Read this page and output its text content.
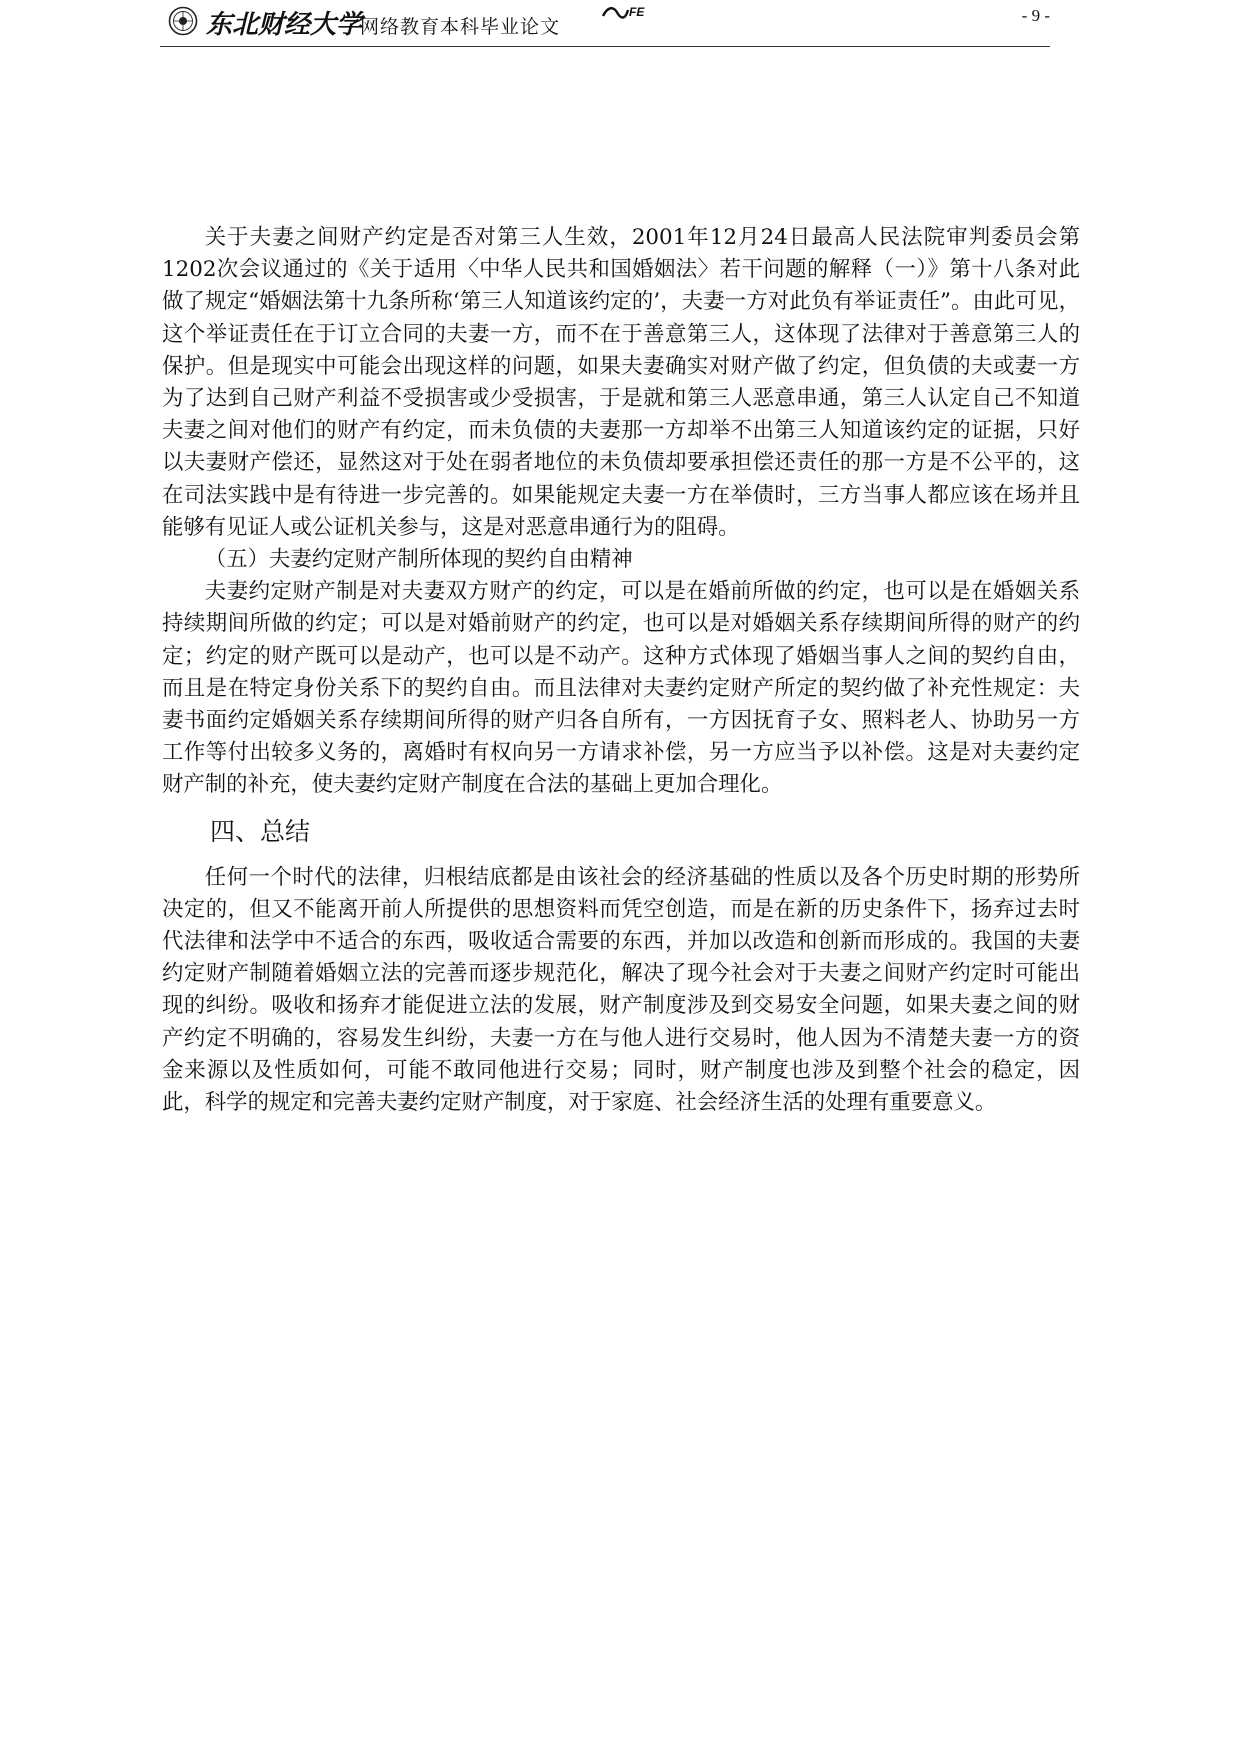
东北财经大学
网络教育本科毕业论文
FE	- 9 -

关于夫妻之间财产约定是否对第三人生效，2001年12月24日最高人民法院审判委员会第1202次会议通过的《关于适用〈中华人民共和国婚姻法〉若干问题的解释（一）》第十八条对此做了规定“婚姻法第十九条所称‘第三人知道该约定的’，夫妻一方对此负有举证责任”。由此可见，这个举证责任在于订立合同的夫妻一方，而不在于善意第三人，这体现了法律对于善意第三人的保护。但是现实中可能会出现这样的问题，如果夫妻确实对财产做了约定，但负债的夫或妻一方为了达到自己财产利益不受损害或少受损害，于是就和第三人恶意串通，第三人认定自己不知道夫妻之间对他们的财产有约定，而未负债的夫妻那一方却举不出第三人知道该约定的证据，只好以夫妻财产偿还，显然这对于处在弱者地位的未负债却要承担偿还责任的那一方是不公平的，这在司法实践中是有待进一步完善的。如果能规定夫妻一方在举债时，三方当事人都应该在场并且能够有见证人或公证机关参与，这是对恶意串通行为的阻碍。

（五）夫妻约定财产制所体现的契约自由精神

夫妻约定财产制是对夫妻双方财产的约定，可以是在婚前所做的约定，也可以是在婚姻关系持续期间所做的约定；可以是对婚前财产的约定，也可以是对婚姻关系存续期间所得的财产的约定；约定的财产既可以是动产，也可以是不动产。这种方式体现了婚姻当事人之间的契约自由，而且是在特定身份关系下的契约自由。而且法律对夫妻约定财产所定的契约做了补充性规定：夫妻书面约定婚姻关系存续期间所得的财产归各自所有，一方因抚育子女、照料老人、协助另一方工作等付出较多义务的，离婚时有权向另一方请求补偿，另一方应当予以补偿。这是对夫妻约定财产制的补充，使夫妻约定财产制度在合法的基础上更加合理化。

四、总结

任何一个时代的法律，归根结底都是由该社会的经济基础的性质以及各个历史时期的形势所决定的，但又不能离开前人所提供的思想资料而凭空创造，而是在新的历史条件下，扬弃过去时代法律和法学中不适合的东西，吸收适合需要的东西，并加以改造和创新而形成的。我国的夫妻约定财产制随着婚姻立法的完善而逐步规范化，解决了现今社会对于夫妻之间财产约定时可能出现的纠纷。吸收和扬弃才能促进立法的发展，财产制度涉及到交易安全问题，如果夫妻之间的财产约定不明确的，容易发生纠纷，夫妻一方在与他人进行交易时，他人因为不清楚夫妻一方的资金来源以及性质如何，可能不敢同他进行交易；同时，财产制度也涉及到整个社会的稳定，因此，科学的规定和完善夫妻约定财产制度，对于家庭、社会经济生活的处理有重要意义。
